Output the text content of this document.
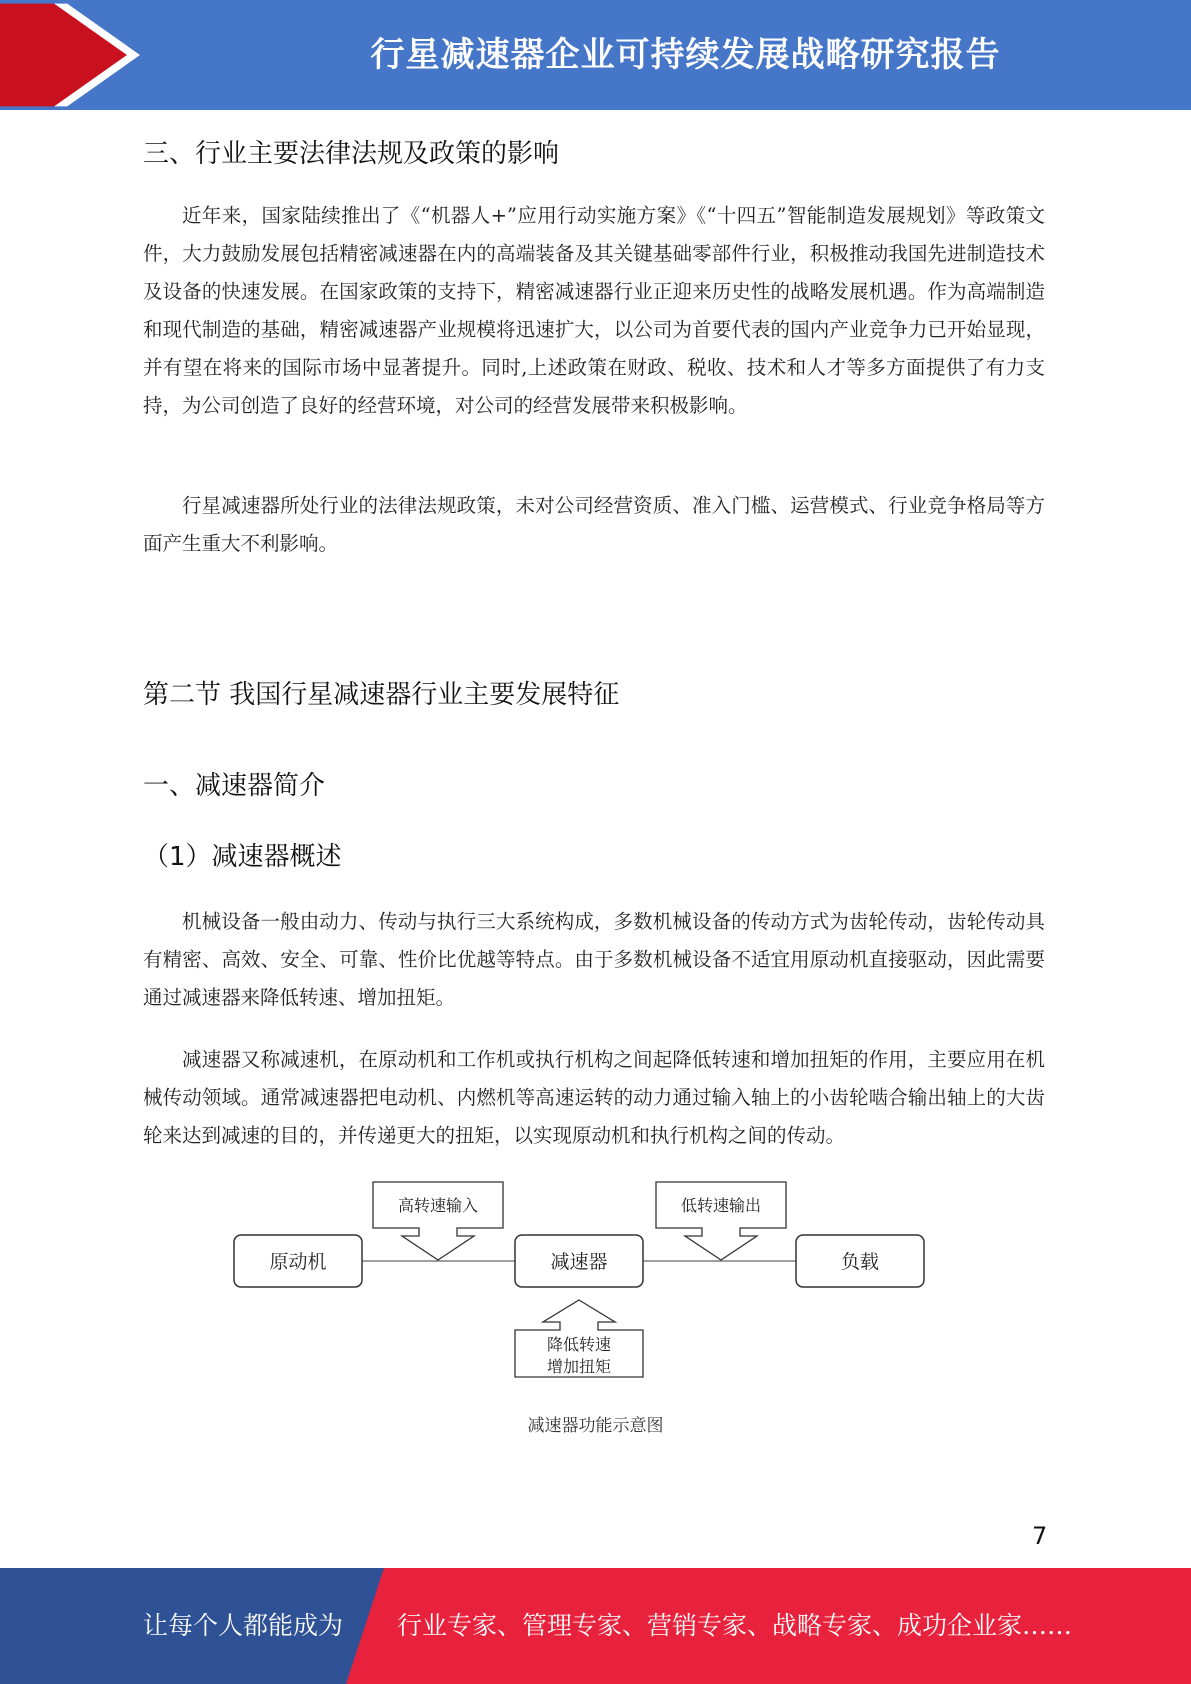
行星减速器企业可持续发展战略研究报告
三、行业主要法律法规及政策的影响

近年来，国家陆续推出了《“机器人+”应用行动实施方案》《“十四五”智能制造发展规划》等政策文件，大力鼓励发展包括精密减速器在内的高端装备及其关键基础零部件行业，积极推动我国先进制造技术及设备的快速发展。在国家政策的支持下，精密减速器行业正迎来历史性的战略发展机遇。作为高端制造和现代制造的基础，精密减速器产业规模将迅速扩大，以公司为首要代表的国内产业竞争力已开始显现，并有望在将来的国际市场中显著提升。同时,上述政策在财政、税收、技术和人才等多方面提供了有力支持，为公司创造了良好的经营环境，对公司的经营发展带来积极影响。

行星减速器所处行业的法律法规政策，未对公司经营资质、准入门槛、运营模式、行业竞争格局等方面产生重大不利影响。

第二节 我国行星减速器行业主要发展特征
一、减速器简介
（1）减速器概述

机械设备一般由动力、传动与执行三大系统构成，多数机械设备的传动方式为齿轮传动，齿轮传动具有精密、高效、安全、可靠、性价比优越等特点。由于多数机械设备不适宜用原动机直接驱动，因此需要通过减速器来降低转速、增加扭矩。

减速器又称减速机，在原动机和工作机或执行机构之间起降低转速和增加扭矩的作用，主要应用在机械传动领域。通常减速器把电动机、内燃机等高速运转的动力通过输入轴上的小齿轮啮合输出轴上的大齿轮来达到减速的目的，并传递更大的扭矩，以实现原动机和执行机构之间的传动。

原动机	减速器	负载
高转速输入	低转速输出
降低转速
增加扭矩
减速器功能示意图
7
让每个人都能成为 行业专家、管理专家、营销专家、战略专家、成功企业家……
